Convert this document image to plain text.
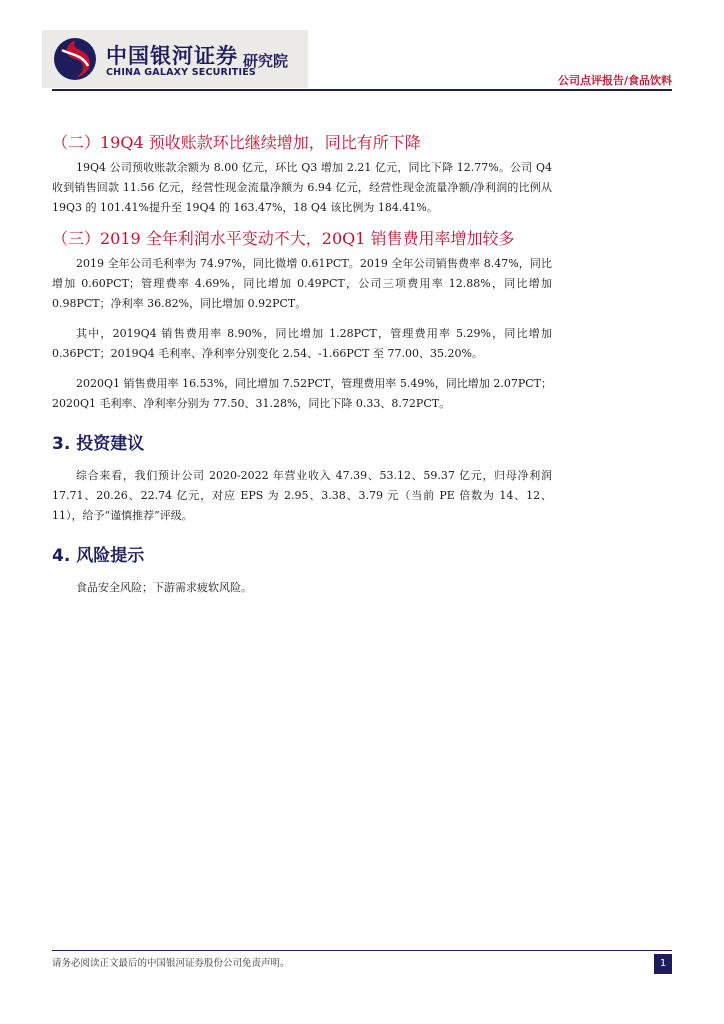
中国银河证券
CHINA GALAXY SECURITIES
研究院
公司点评报告/食品饮料
（二）19Q4 预收账款环比继续增加，同比有所下降

19Q4 公司预收账款余额为 8.00 亿元，环比 Q3 增加 2.21 亿元，同比下降 12.77%。公司 Q4 收到销售回款 11.56 亿元，经营性现金流量净额为 6.94 亿元，经营性现金流量净额/净利润的比例从 19Q3 的 101.41%提升至 19Q4 的 163.47%，18 Q4 该比例为 184.41%。

（三）2019 全年利润水平变动不大，20Q1 销售费用率增加较多

2019 全年公司毛利率为 74.97%，同比微增 0.61PCT。2019 全年公司销售费率 8.47%，同比增加 0.60PCT；管理费率 4.69%，同比增加 0.49PCT，公司三项费用率 12.88%，同比增加 0.98PCT；净利率 36.82%，同比增加 0.92PCT。

其中，2019Q4 销售费用率 8.90%，同比增加 1.28PCT，管理费用率 5.29%，同比增加 0.36PCT；2019Q4 毛利率、净利率分别变化 2.54、-1.66PCT 至 77.00、35.20%。

2020Q1 销售费用率 16.53%，同比增加 7.52PCT，管理费用率 5.49%，同比增加 2.07PCT；2020Q1 毛利率、净利率分别为 77.50、31.28%，同比下降 0.33、8.72PCT。

3. 投资建议

综合来看，我们预计公司 2020-2022 年营业收入 47.39、53.12、59.37 亿元，归母净利润 17.71、20.26、22.74 亿元，对应 EPS 为 2.95、3.38、3.79 元（当前 PE 倍数为 14、12、11），给予“谨慎推荐”评级。

4. 风险提示

食品安全风险；下游需求疲软风险。

请务必阅读正文最后的中国银河证券股份公司免责声明。	1
